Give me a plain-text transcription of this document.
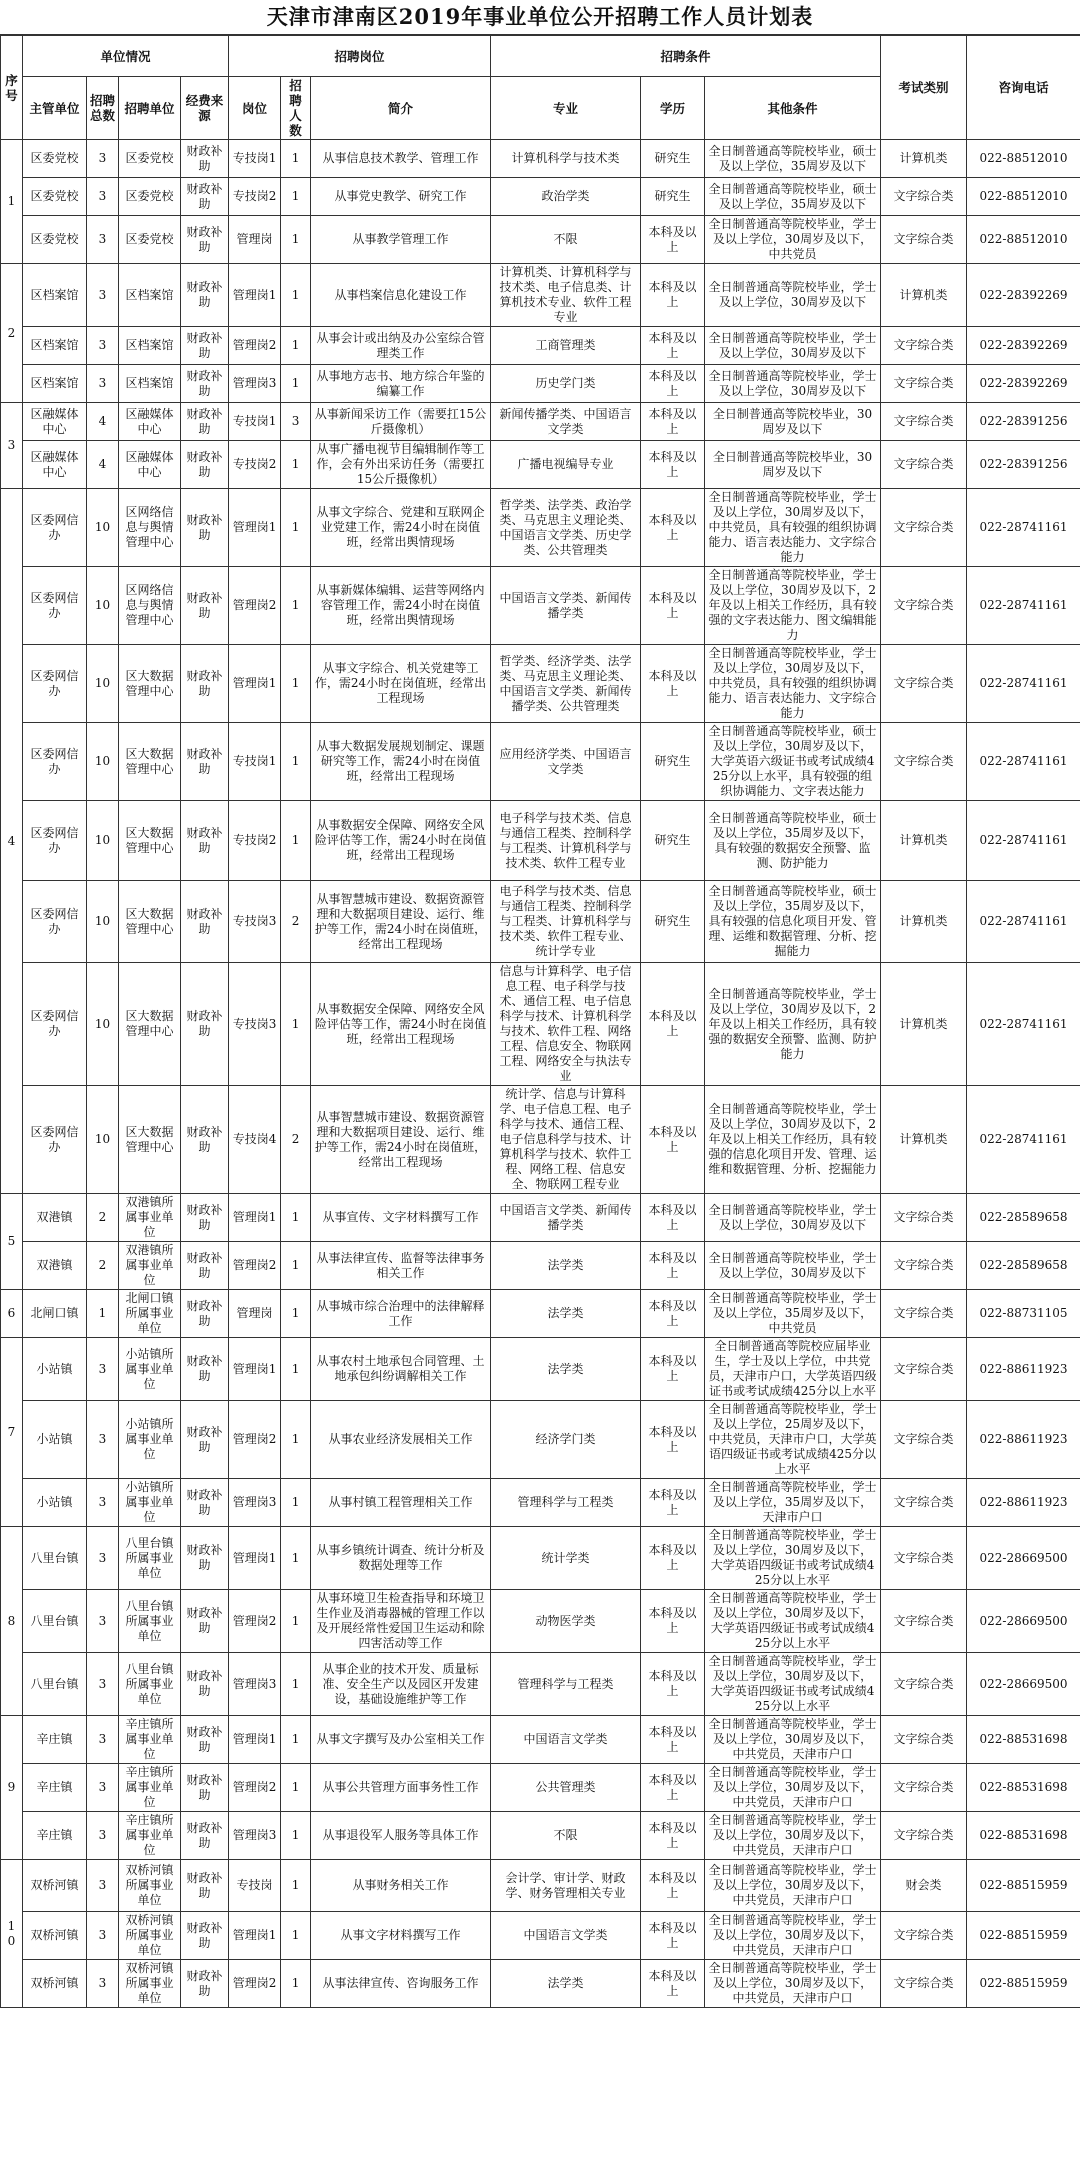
天津市津南区2019年事业单位公开招聘工作人员计划表
序号	单位情况				招聘岗位			招聘条件			考试类别	咨询电话
	主管单位	招聘总数	招聘单位	经费来源	岗位	招聘人数	简介	专业	学历	其他条件		
1	区委党校	3	区委党校	财政补助	专技岗1	1	从事信息技术教学、管理工作	计算机科学与技术类	研究生	全日制普通高等院校毕业，硕士及以上学位，35周岁及以下	计算机类	022-88512010
	区委党校	3	区委党校	财政补助	专技岗2	1	从事党史教学、研究工作	政治学类	研究生	全日制普通高等院校毕业，硕士及以上学位，35周岁及以下	文字综合类	022-88512010
	区委党校	3	区委党校	财政补助	管理岗	1	从事教学管理工作	不限	本科及以上	全日制普通高等院校毕业，学士及以上学位，30周岁及以下，中共党员	文字综合类	022-88512010
2	区档案馆	3	区档案馆	财政补助	管理岗1	1	从事档案信息化建设工作	计算机类、计算机科学与技术类、电子信息类、计算机技术专业、软件工程专业	本科及以上	全日制普通高等院校毕业，学士及以上学位，30周岁及以下	计算机类	022-28392269
	区档案馆	3	区档案馆	财政补助	管理岗2	1	从事会计或出纳及办公室综合管理类工作	工商管理类	本科及以上	全日制普通高等院校毕业，学士及以上学位，30周岁及以下	文字综合类	022-28392269
	区档案馆	3	区档案馆	财政补助	管理岗3	1	从事地方志书、地方综合年鉴的编纂工作	历史学门类	本科及以上	全日制普通高等院校毕业，学士及以上学位，30周岁及以下	文字综合类	022-28392269
3	区融媒体中心	4	区融媒体中心	财政补助	专技岗1	3	从事新闻采访工作（需要扛15公斤摄像机）	新闻传播学类、中国语言文学类	本科及以上	全日制普通高等院校毕业，30周岁及以下	文字综合类	022-28391256
	区融媒体中心	4	区融媒体中心	财政补助	专技岗2	1	从事广播电视节目编辑制作等工作，会有外出采访任务（需要扛15公斤摄像机）	广播电视编导专业	本科及以上	全日制普通高等院校毕业，30周岁及以下	文字综合类	022-28391256
4	区委网信办	10	区网络信息与舆情管理中心	财政补助	管理岗1	1	从事文字综合、党建和互联网企业党建工作，需24小时在岗值班，经常出舆情现场	哲学类、法学类、政治学类、马克思主义理论类、中国语言文学类、历史学类、公共管理类	本科及以上	全日制普通高等院校毕业，学士及以上学位，30周岁及以下，中共党员，具有较强的组织协调能力、语言表达能力、文字综合能力	文字综合类	022-28741161
	区委网信办	10	区网络信息与舆情管理中心	财政补助	管理岗2	1	从事新媒体编辑、运营等网络内容管理工作，需24小时在岗值班，经常出舆情现场	中国语言文学类、新闻传播学类	本科及以上	全日制普通高等院校毕业，学士及以上学位，30周岁及以下，2年及以上相关工作经历，具有较强的文字表达能力、图文编辑能力	文字综合类	022-28741161
	区委网信办	10	区大数据管理中心	财政补助	管理岗1	1	从事文字综合、机关党建等工作，需24小时在岗值班，经常出工程现场	哲学类、经济学类、法学类、马克思主义理论类、中国语言文学类、新闻传播学类、公共管理类	本科及以上	全日制普通高等院校毕业，学士及以上学位，30周岁及以下，中共党员，具有较强的组织协调能力、语言表达能力、文字综合能力	文字综合类	022-28741161
	区委网信办	10	区大数据管理中心	财政补助	专技岗1	1	从事大数据发展规划制定、课题研究等工作，需24小时在岗值班，经常出工程现场	应用经济学类、中国语言文学类	研究生	全日制普通高等院校毕业，硕士及以上学位，30周岁及以下，大学英语六级证书或考试成绩425分以上水平，具有较强的组织协调能力、文字表达能力	文字综合类	022-28741161
	区委网信办	10	区大数据管理中心	财政补助	专技岗2	1	从事数据安全保障、网络安全风险评估等工作，需24小时在岗值班，经常出工程现场	电子科学与技术类、信息与通信工程类、控制科学与工程类、计算机科学与技术类、软件工程专业	研究生	全日制普通高等院校毕业，硕士及以上学位，35周岁及以下，具有较强的数据安全预警、监测、防护能力	计算机类	022-28741161
	区委网信办	10	区大数据管理中心	财政补助	专技岗3	2	从事智慧城市建设、数据资源管理和大数据项目建设、运行、维护等工作，需24小时在岗值班，经常出工程现场	电子科学与技术类、信息与通信工程类、控制科学与工程类、计算机科学与技术类、软件工程专业、统计学专业	研究生	全日制普通高等院校毕业，硕士及以上学位，35周岁及以下，具有较强的信息化项目开发、管理、运维和数据管理、分析、挖掘能力	计算机类	022-28741161
	区委网信办	10	区大数据管理中心	财政补助	专技岗3	1	从事数据安全保障、网络安全风险评估等工作，需24小时在岗值班，经常出工程现场	信息与计算科学、电子信息工程、电子科学与技术、通信工程、电子信息科学与技术、计算机科学与技术、软件工程、网络工程、信息安全、物联网工程、网络安全与执法专业	本科及以上	全日制普通高等院校毕业，学士及以上学位，30周岁及以下，2年及以上相关工作经历，具有较强的数据安全预警、监测、防护能力	计算机类	022-28741161
	区委网信办	10	区大数据管理中心	财政补助	专技岗4	2	从事智慧城市建设、数据资源管理和大数据项目建设、运行、维护等工作，需24小时在岗值班，经常出工程现场	统计学、信息与计算科学、电子信息工程、电子科学与技术、通信工程、电子信息科学与技术、计算机科学与技术、软件工程、网络工程、信息安全、物联网工程专业	本科及以上	全日制普通高等院校毕业，学士及以上学位，30周岁及以下，2年及以上相关工作经历，具有较强的信息化项目开发、管理、运维和数据管理、分析、挖掘能力	计算机类	022-28741161
5	双港镇	2	双港镇所属事业单位	财政补助	管理岗1	1	从事宣传、文字材料撰写工作	中国语言文学类、新闻传播学类	本科及以上	全日制普通高等院校毕业，学士及以上学位，30周岁及以下	文字综合类	022-28589658
	双港镇	2	双港镇所属事业单位	财政补助	管理岗2	1	从事法律宣传、监督等法律事务相关工作	法学类	本科及以上	全日制普通高等院校毕业，学士及以上学位，30周岁及以下	文字综合类	022-28589658
6	北闸口镇	1	北闸口镇所属事业单位	财政补助	管理岗	1	从事城市综合治理中的法律解释工作	法学类	本科及以上	全日制普通高等院校毕业，学士及以上学位，35周岁及以下，中共党员	文字综合类	022-88731105
7	小站镇	3	小站镇所属事业单位	财政补助	管理岗1	1	从事农村土地承包合同管理、土地承包纠纷调解相关工作	法学类	本科及以上	全日制普通高等院校应届毕业生，学士及以上学位，中共党员，天津市户口，大学英语四级证书或考试成绩425分以上水平	文字综合类	022-88611923
	小站镇	3	小站镇所属事业单位	财政补助	管理岗2	1	从事农业经济发展相关工作	经济学门类	本科及以上	全日制普通高等院校毕业，学士及以上学位，25周岁及以下，中共党员，天津市户口，大学英语四级证书或考试成绩425分以上水平	文字综合类	022-88611923
	小站镇	3	小站镇所属事业单位	财政补助	管理岗3	1	从事村镇工程管理相关工作	管理科学与工程类	本科及以上	全日制普通高等院校毕业，学士及以上学位，35周岁及以下，天津市户口	文字综合类	022-88611923
8	八里台镇	3	八里台镇所属事业单位	财政补助	管理岗1	1	从事乡镇统计调查、统计分析及数据处理等工作	统计学类	本科及以上	全日制普通高等院校毕业，学士及以上学位，30周岁及以下，大学英语四级证书或考试成绩425分以上水平	文字综合类	022-28669500
	八里台镇	3	八里台镇所属事业单位	财政补助	管理岗2	1	从事环境卫生检查指导和环境卫生作业及消毒器械的管理工作以及开展经常性爱国卫生运动和除四害活动等工作	动物医学类	本科及以上	全日制普通高等院校毕业，学士及以上学位，30周岁及以下，大学英语四级证书或考试成绩425分以上水平	文字综合类	022-28669500
	八里台镇	3	八里台镇所属事业单位	财政补助	管理岗3	1	从事企业的技术开发、质量标准、安全生产以及园区开发建设，基础设施维护等工作	管理科学与工程类	本科及以上	全日制普通高等院校毕业，学士及以上学位，30周岁及以下，大学英语四级证书或考试成绩425分以上水平	文字综合类	022-28669500
9	辛庄镇	3	辛庄镇所属事业单位	财政补助	管理岗1	1	从事文字撰写及办公室相关工作	中国语言文学类	本科及以上	全日制普通高等院校毕业，学士及以上学位，30周岁及以下，中共党员，天津市户口	文字综合类	022-88531698
	辛庄镇	3	辛庄镇所属事业单位	财政补助	管理岗2	1	从事公共管理方面事务性工作	公共管理类	本科及以上	全日制普通高等院校毕业，学士及以上学位，30周岁及以下，中共党员，天津市户口	文字综合类	022-88531698
	辛庄镇	3	辛庄镇所属事业单位	财政补助	管理岗3	1	从事退役军人服务等具体工作	不限	本科及以上	全日制普通高等院校毕业，学士及以上学位，30周岁及以下，中共党员，天津市户口	文字综合类	022-88531698
10	双桥河镇	3	双桥河镇所属事业单位	财政补助	专技岗	1	从事财务相关工作	会计学、审计学、财政学、财务管理相关专业	本科及以上	全日制普通高等院校毕业，学士及以上学位，30周岁及以下，中共党员，天津市户口	财会类	022-88515959
	双桥河镇	3	双桥河镇所属事业单位	财政补助	管理岗1	1	从事文字材料撰写工作	中国语言文学类	本科及以上	全日制普通高等院校毕业，学士及以上学位，30周岁及以下，中共党员，天津市户口	文字综合类	022-88515959
	双桥河镇	3	双桥河镇所属事业单位	财政补助	管理岗2	1	从事法律宣传、咨询服务工作	法学类	本科及以上	全日制普通高等院校毕业，学士及以上学位，30周岁及以下，中共党员，天津市户口	文字综合类	022-88515959
